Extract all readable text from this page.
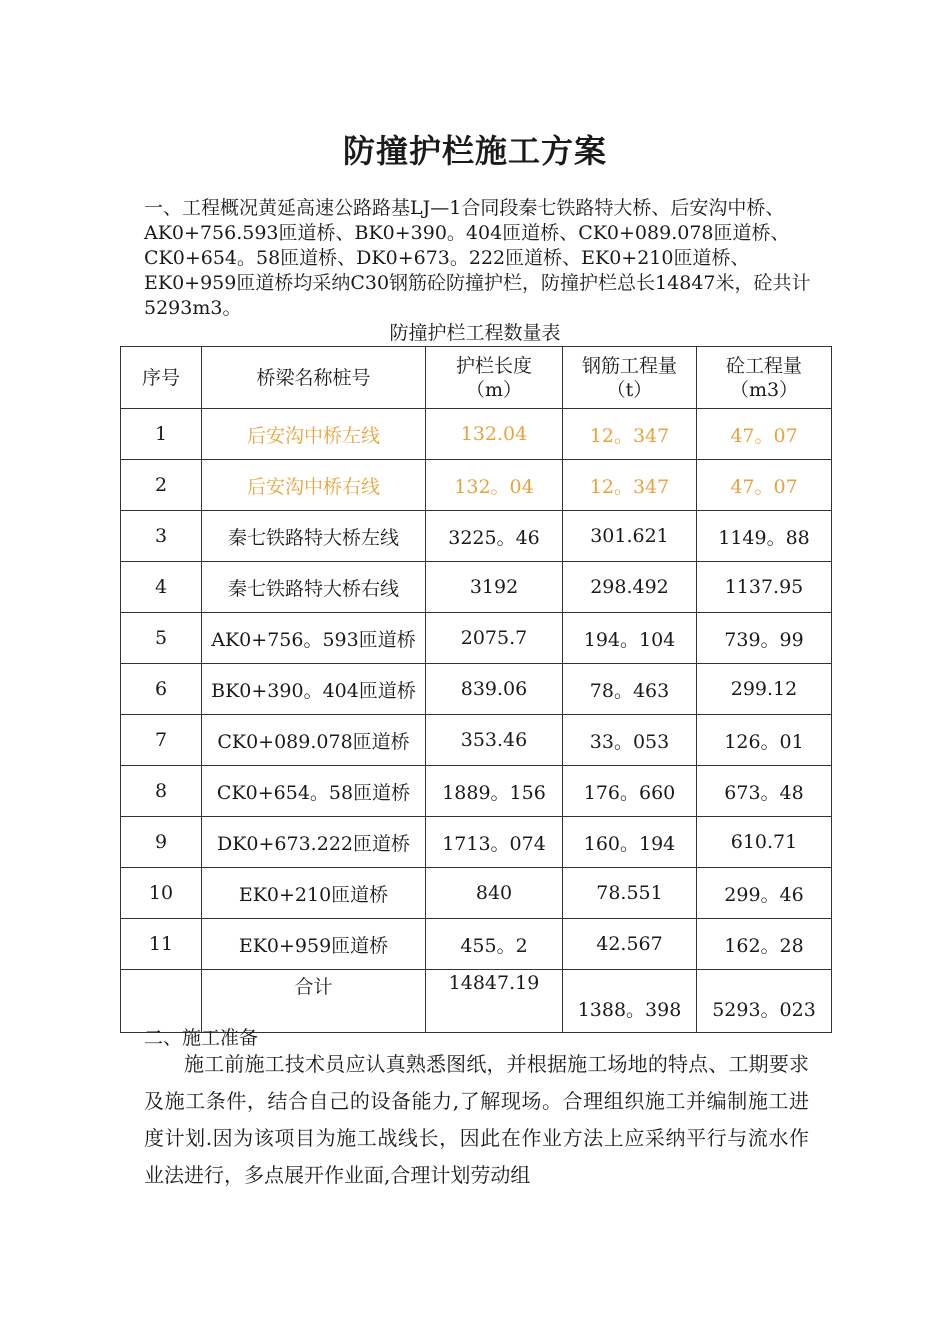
防撞护栏施工方案

一、工程概况黄延高速公路路基LJ—1合同段秦七铁路特大桥、后安沟中桥、AK0+756.593匝道桥、BK0+390。404匝道桥、CK0+089.078匝道桥、CK0+654。58匝道桥、DK0+673。222匝道桥、EK0+210匝道桥、EK0+959匝道桥均采纳C30钢筋砼防撞护栏，防撞护栏总长14847米，砼共计5293m3。

防撞护栏工程数量表
序号	桥梁名称桩号	护栏长度（m）	钢筋工程量（t）	砼工程量（m3）
1	后安沟中桥左线	132.04	12。347	47。07
2	后安沟中桥右线	132。04	12。347	47。07
3	秦七铁路特大桥左线	3225。46	301.621	1149。88
4	秦七铁路特大桥右线	3192	298.492	1137.95
5	AK0+756。593匝道桥	2075.7	194。104	739。99
6	BK0+390。404匝道桥	839.06	78。463	299.12
7	CK0+089.078匝道桥	353.46	33。053	126。01
8	CK0+654。58匝道桥	1889。156	176。660	673。48
9	DK0+673.222匝道桥	1713。074	160。194	610.71
10	EK0+210匝道桥	840	78.551	299。46
11	EK0+959匝道桥	455。2	42.567	162。28
	合计	14847.19	1388。398	5293。023

二、施工准备

施工前施工技术员应认真熟悉图纸，并根据施工场地的特点、工期要求及施工条件，结合自己的设备能力,了解现场。合理组织施工并编制施工进度计划.因为该项目为施工战线长，因此在作业方法上应采纳平行与流水作业法进行，多点展开作业面,合理计划劳动组
